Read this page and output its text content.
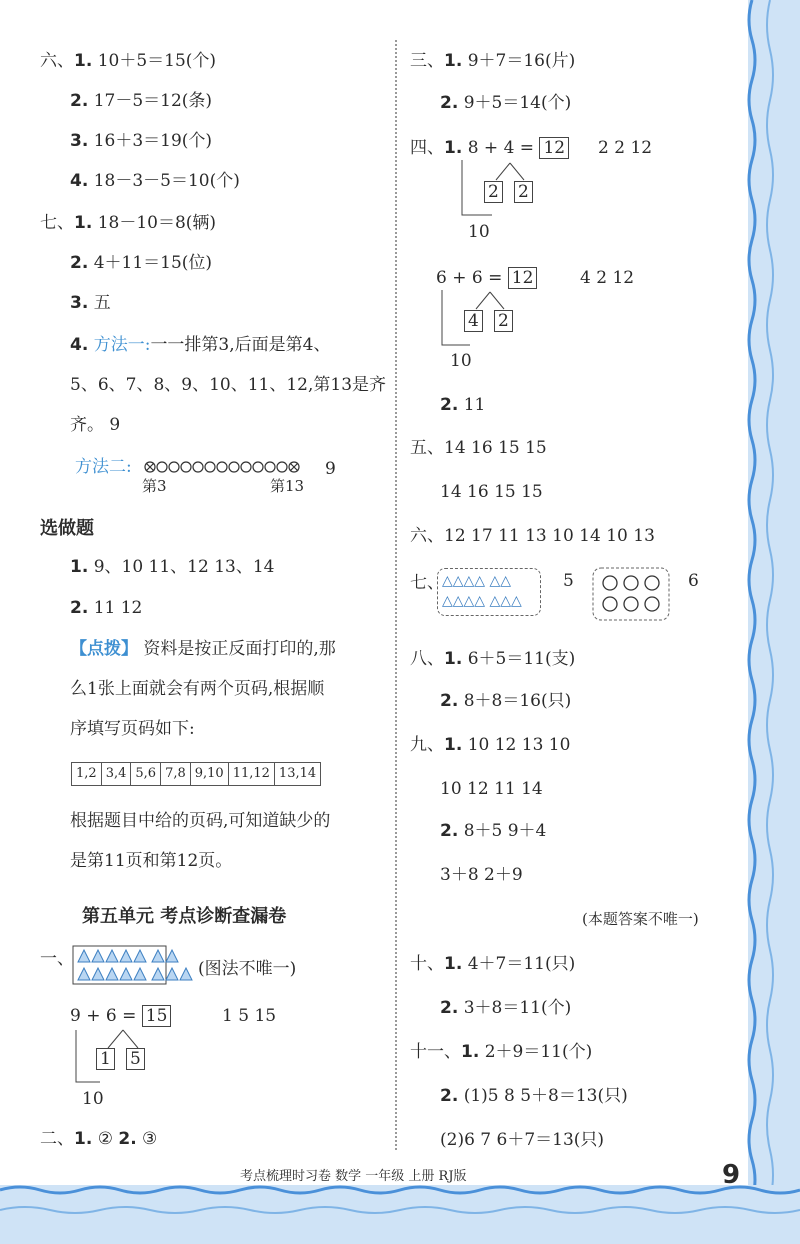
六、1. 10＋5＝15(个)
2. 17－5＝12(条)
3. 16＋3＝19(个)
4. 18－3－5＝10(个)
七、1. 18－10＝8(辆)
2. 4＋11＝15(位)
3. 五
4. 方法一:一一排第3,后面是第4、
5、6、7、8、9、10、11、12,第13是齐
齐。 9
方法二:	9
第3	第13
选做题
1. 9、10 11、12 13、14
2. 11 12
【点拨】 资料是按正反面打印的,那
么1张上面就会有两个页码,根据顺
序填写页码如下:
1,2	3,4	5,6	7,8	9,10	11,12	13,14
根据题目中给的页码,可知道缺少的
是第11页和第12页。
第五单元 考点诊断查漏卷
一、	(图法不唯一)
9 + 6 = 15	1 5 15
1 5
10
二、1. ② 2. ③
三、1. 9＋7＝16(片)
2. 9＋5＝14(个)
四、1. 8 + 4 = 12 2 2 12
2 2
10
6 + 6 = 12	4 2 12
4 2
10
2. 11
五、14 16 15 15
14 16 15 15
六、12 17 11 13 10 14 10 13
七、
△△△△ △△
△△△△ △△△
5	6
八、1. 6＋5＝11(支)
2. 8＋8＝16(只)
九、1. 10 12 13 10
10 12 11 14
2. 8＋5 9＋4
3＋8 2＋9
(本题答案不唯一)
十、1. 4＋7＝11(只)
2. 3＋8＝11(个)
十一、1. 2＋9＝11(个)
2. (1)5 8 5＋8＝13(只)
(2)6 7 6＋7＝13(只)
考点梳理时习卷 数学 一年级 上册 RJ版	9
